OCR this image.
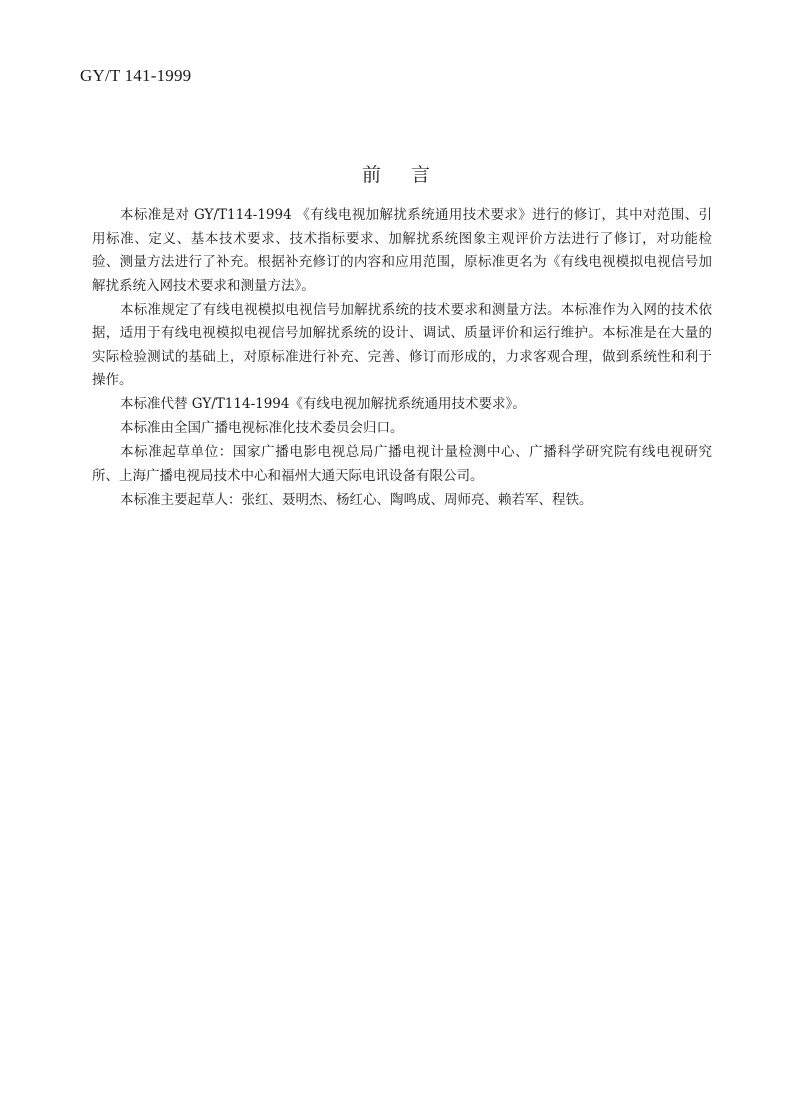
GY/T 141-1999
前言

本标准是对 GY/T114-1994 《有线电视加解扰系统通用技术要求》进行的修订，其中对范围、引用标准、定义、基本技术要求、技术指标要求、加解扰系统图象主观评价方法进行了修订，对功能检验、测量方法进行了补充。根据补充修订的内容和应用范围，原标准更名为《有线电视模拟电视信号加解扰系统入网技术要求和测量方法》。

本标准规定了有线电视模拟电视信号加解扰系统的技术要求和测量方法。本标准作为入网的技术依据，适用于有线电视模拟电视信号加解扰系统的设计、调试、质量评价和运行维护。本标准是在大量的实际检验测试的基础上，对原标准进行补充、完善、修订而形成的，力求客观合理，做到系统性和利于操作。

本标准代替 GY/T114-1994《有线电视加解扰系统通用技术要求》。

本标准由全国广播电视标准化技术委员会归口。

本标准起草单位：国家广播电影电视总局广播电视计量检测中心、广播科学研究院有线电视研究所、上海广播电视局技术中心和福州大通天际电讯设备有限公司。

本标准主要起草人：张红、聂明杰、杨红心、陶鸣成、周师亮、赖若军、程铁。
